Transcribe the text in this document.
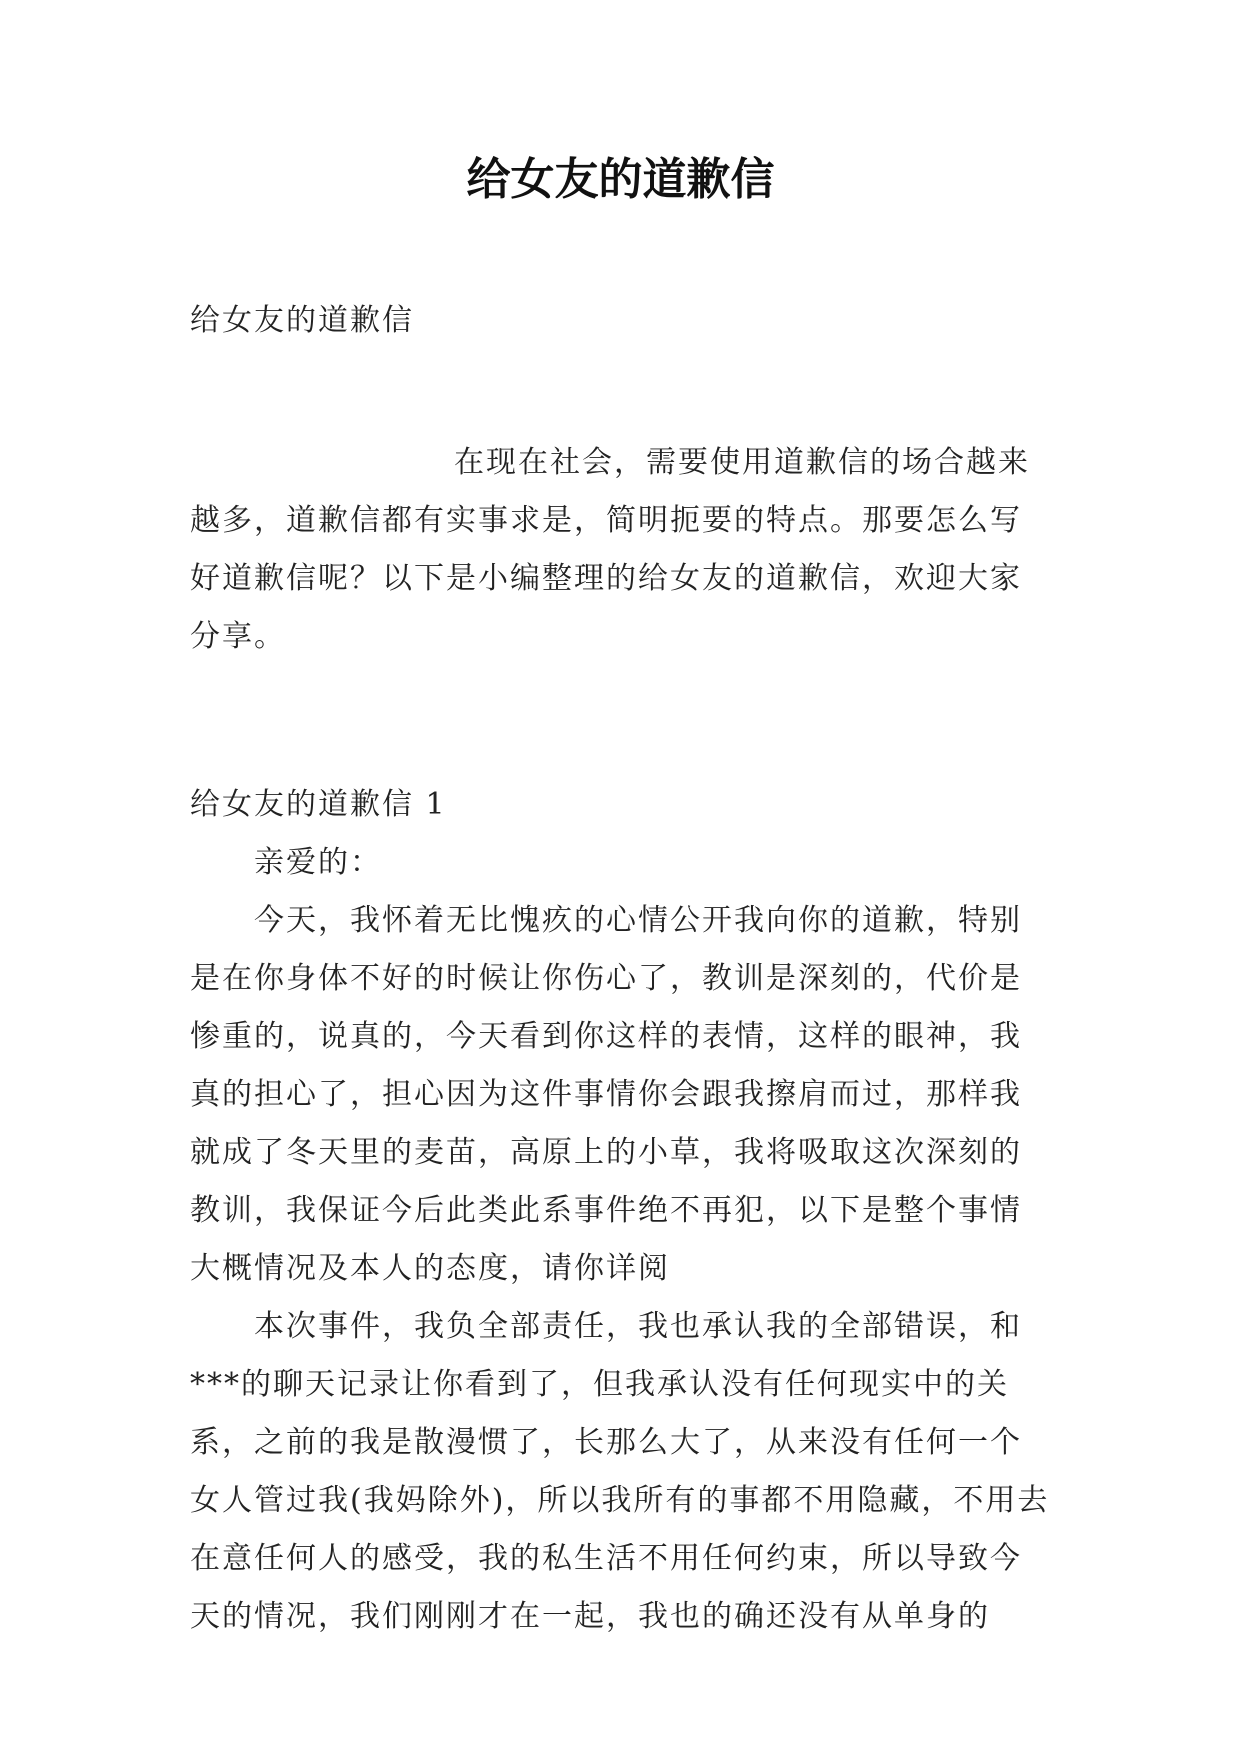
给女友的道歉信

给女友的道歉信

在现在社会，需要使用道歉信的场合越来越多，道歉信都有实事求是，简明扼要的特点。那要怎么写好道歉信呢？以下是小编整理的给女友的道歉信，欢迎大家分享。

给女友的道歉信 1

亲爱的：

今天，我怀着无比愧疚的心情公开我向你的道歉，特别是在你身体不好的时候让你伤心了，教训是深刻的，代价是惨重的，说真的，今天看到你这样的表情，这样的眼神，我真的担心了，担心因为这件事情你会跟我擦肩而过，那样我就成了冬天里的麦苗，高原上的小草，我将吸取这次深刻的教训，我保证今后此类此系事件绝不再犯，以下是整个事情大概情况及本人的态度，请你详阅

本次事件，我负全部责任，我也承认我的全部错误，和***的聊天记录让你看到了，但我承认没有任何现实中的关系，之前的我是散漫惯了，长那么大了，从来没有任何一个女人管过我(我妈除外)，所以我所有的事都不用隐藏，不用去在意任何人的感受，我的私生活不用任何约束，所以导致今天的情况，我们刚刚才在一起，我也的确还没有从单身的
